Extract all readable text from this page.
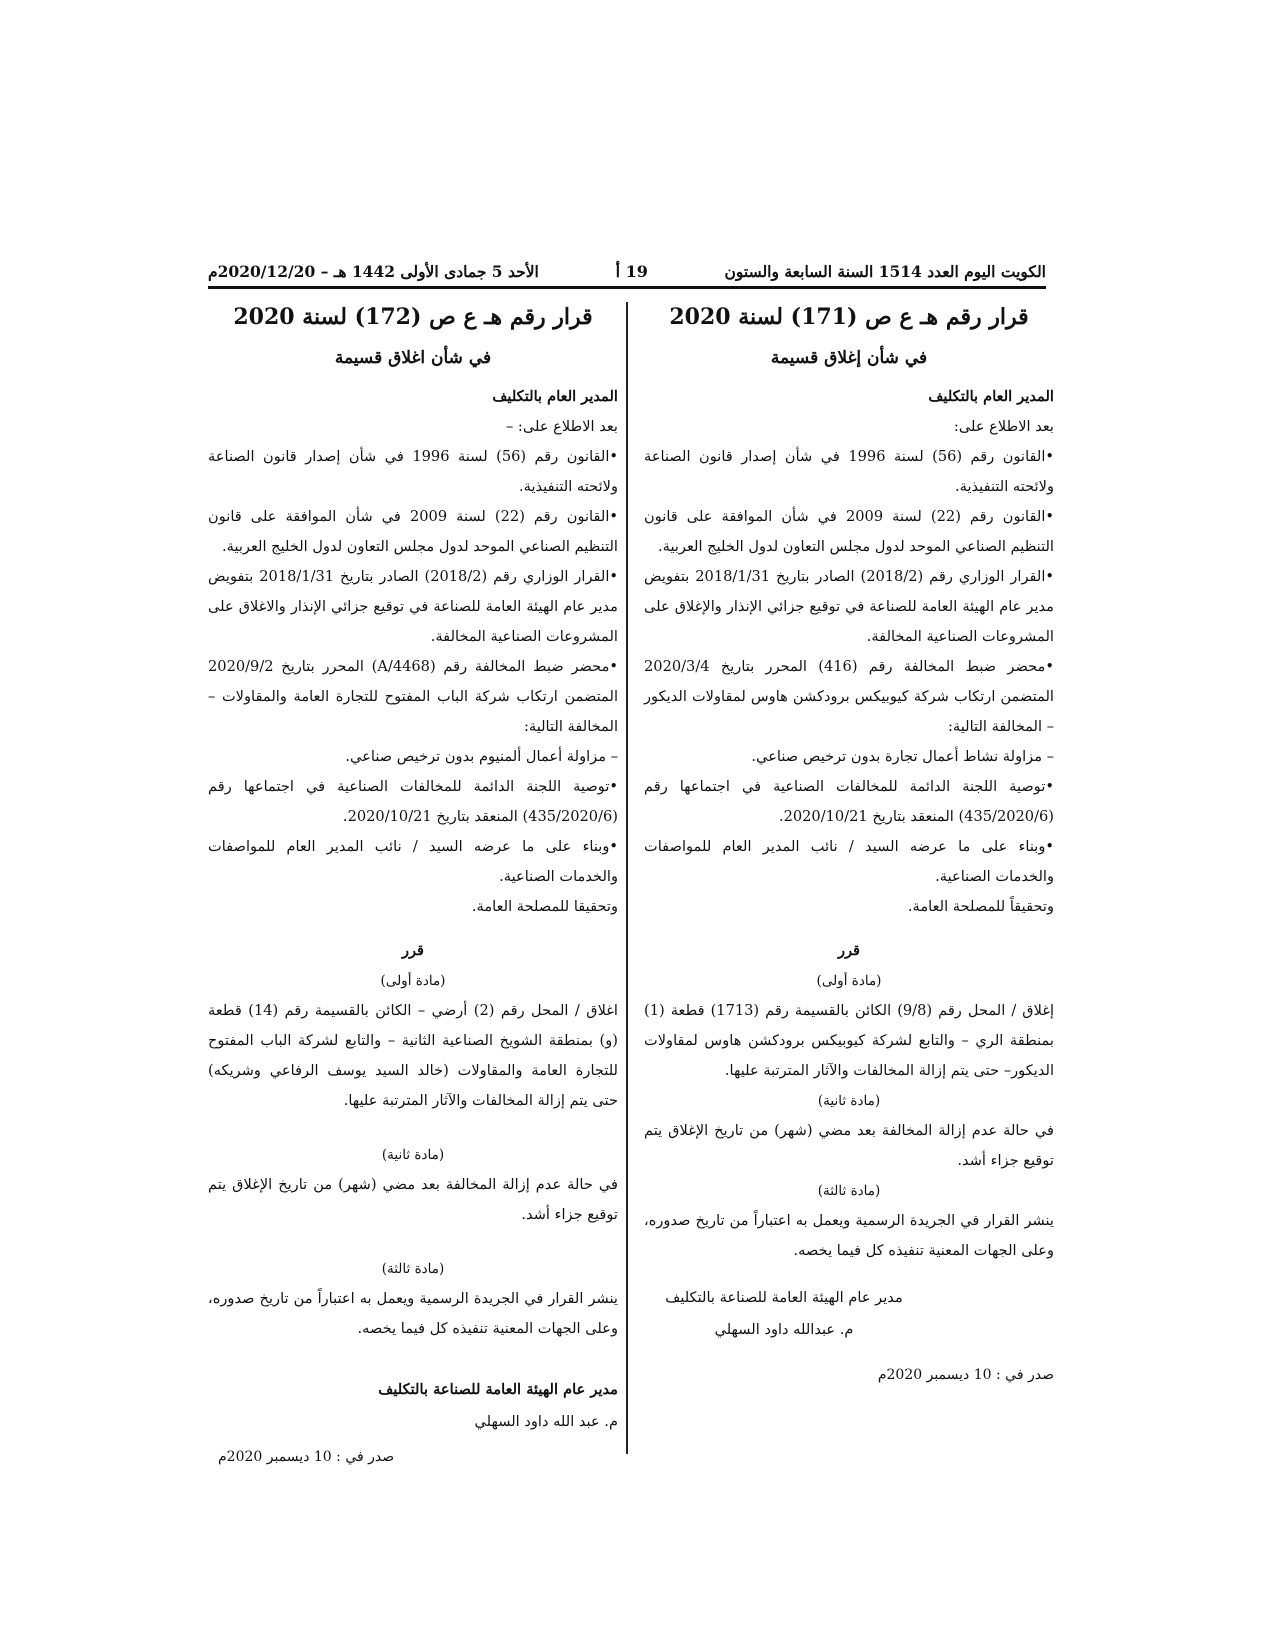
الكويت اليوم العدد 1514 السنة السابعة والستون
19 أ
الأحد 5 جمادى الأولى 1442 هـ – 2020/12/20م
قرار رقم هـ ع ص (171) لسنة 2020
في شأن إغلاق قسيمة

المدير العام بالتكليف

بعد الاطلاع على:

•القانون رقم (56) لسنة 1996 في شأن إصدار قانون الصناعة ولائحته التنفيذية.

•القانون رقم (22) لسنة 2009 في شأن الموافقة على قانون التنظيم الصناعي الموحد لدول مجلس التعاون لدول الخليج العربية.

•القرار الوزاري رقم (2018/2) الصادر بتاريخ 2018/1/31 بتفويض مدير عام الهيئة العامة للصناعة في توقيع جزائي الإنذار والإغلاق على المشروعات الصناعية المخالفة.

•محضر ضبط المخالفة رقم (416) المحرر بتاريخ 2020/3/4 المتضمن ارتكاب شركة كيوبيكس برودكشن هاوس لمقاولات الديكور – المخالفة التالية:

– مزاولة نشاط أعمال تجارة بدون ترخيص صناعي.

•توصية اللجنة الدائمة للمخالفات الصناعية في اجتماعها رقم (435/2020/6) المنعقد بتاريخ 2020/10/21.

•وبناء على ما عرضه السيد / نائب المدير العام للمواصفات والخدمات الصناعية.

وتحقيقاً للمصلحة العامة.

قرر

(مادة أولى)

إغلاق / المحل رقم (9/8) الكائن بالقسيمة رقم (1713) قطعة (1) بمنطقة الري – والتابع لشركة كيوبيكس برودكشن هاوس لمقاولات الديكور– حتى يتم إزالة المخالفات والآثار المترتبة عليها.

(مادة ثانية)

في حالة عدم إزالة المخالفة بعد مضي (شهر) من تاريخ الإغلاق يتم توقيع جزاء أشد.

(مادة ثالثة)

ينشر القرار في الجريدة الرسمية ويعمل به اعتباراً من تاريخ صدوره، وعلى الجهات المعنية تنفيذه كل فيما يخصه.

مدير عام الهيئة العامة للصناعة بالتكليف

م. عبدالله داود السهلي

صدر في : 10 ديسمبر 2020م

قرار رقم هـ ع ص (172) لسنة 2020
في شأن اغلاق قسيمة

المدير العام بالتكليف

بعد الاطلاع على: –

•القانون رقم (56) لسنة 1996 في شأن إصدار قانون الصناعة ولائحته التنفيذية.

•القانون رقم (22) لسنة 2009 في شأن الموافقة على قانون التنظيم الصناعي الموحد لدول مجلس التعاون لدول الخليج العربية.

•القرار الوزاري رقم (2018/2) الصادر بتاريخ 2018/1/31 بتفويض مدير عام الهيئة العامة للصناعة في توقيع جزائي الإنذار والاغلاق على المشروعات الصناعية المخالفة.

•محضر ضبط المخالفة رقم (A/4468) المحرر بتاريخ 2020/9/2 المتضمن ارتكاب شركة الباب المفتوح للتجارة العامة والمقاولات – المخالفة التالية:

– مزاولة أعمال ألمنيوم بدون ترخيص صناعي.

•توصية اللجنة الدائمة للمخالفات الصناعية في اجتماعها رقم (435/2020/6) المنعقد بتاريخ 2020/10/21.

•وبناء على ما عرضه السيد / نائب المدير العام للمواصفات والخدمات الصناعية.

وتحقيقا للمصلحة العامة.

قرر

(مادة أولى)

اغلاق / المحل رقم (2) أرضي – الكائن بالقسيمة رقم (14) قطعة (و) بمنطقة الشويخ الصناعية الثانية – والتابع لشركة الباب المفتوح للتجارة العامة والمقاولات (خالد السيد يوسف الرفاعي وشريكه) حتى يتم إزالة المخالفات والآثار المترتبة عليها.

(مادة ثانية)

في حالة عدم إزالة المخالفة بعد مضي (شهر) من تاريخ الإغلاق يتم توقيع جزاء أشد.

(مادة ثالثة)

ينشر القرار في الجريدة الرسمية ويعمل به اعتباراً من تاريخ صدوره، وعلى الجهات المعنية تنفيذه كل فيما يخصه.

مدير عام الهيئة العامة للصناعة بالتكليف

م. عبد الله داود السهلي

صدر في : 10 ديسمبر 2020م
